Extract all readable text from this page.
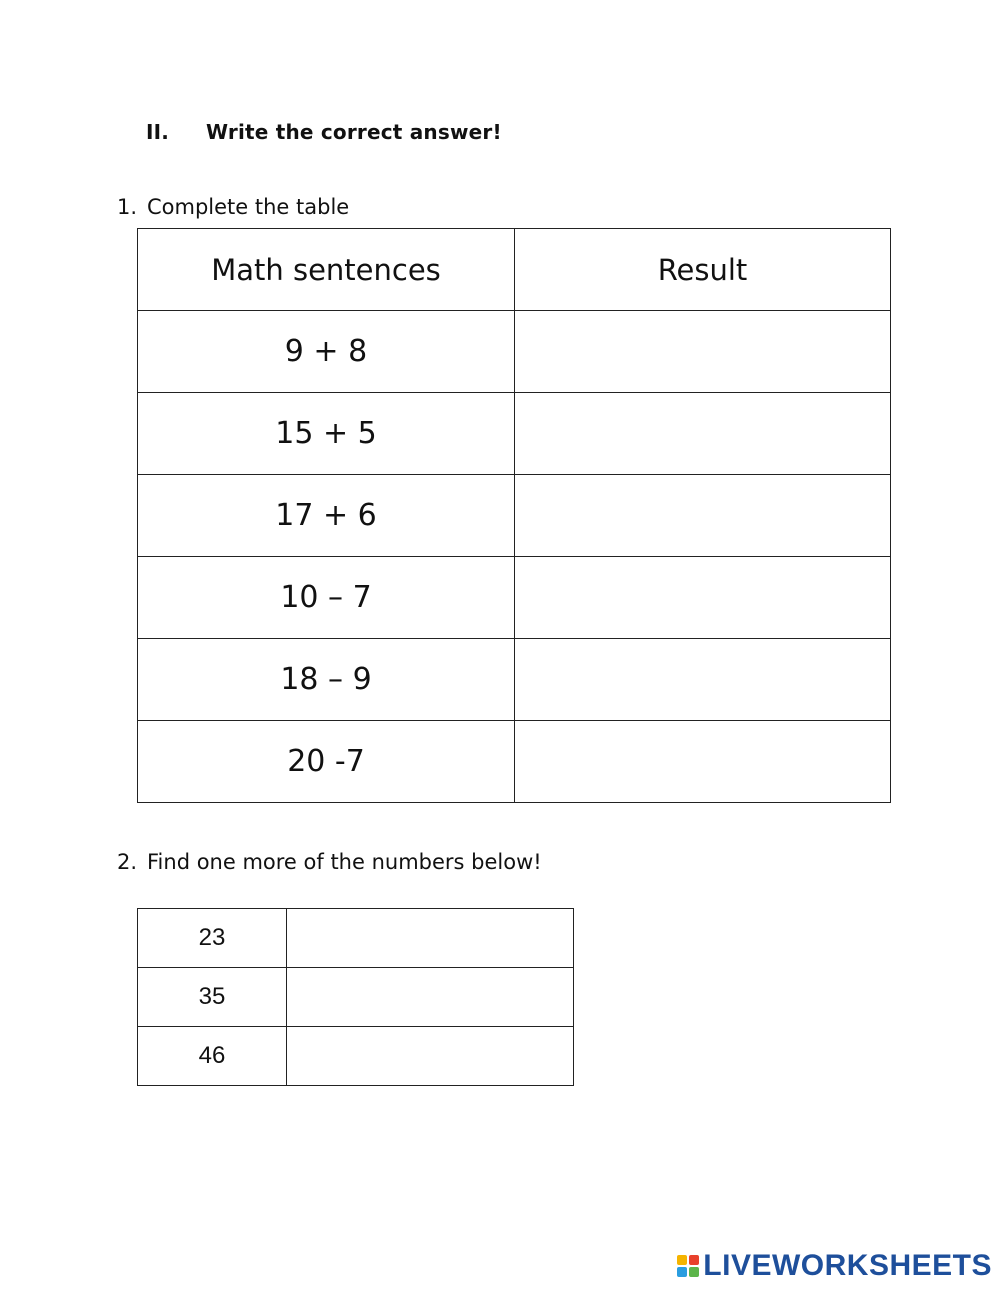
II. Write the correct answer!
1. Complete the table
Math sentences	Result
9 + 8	
15 + 5	
17 + 6	
10 – 7	
18 – 9	
20 -7	
2. Find one more of the numbers below!
23	
35	
46	
LIVEWORKSHEETS
